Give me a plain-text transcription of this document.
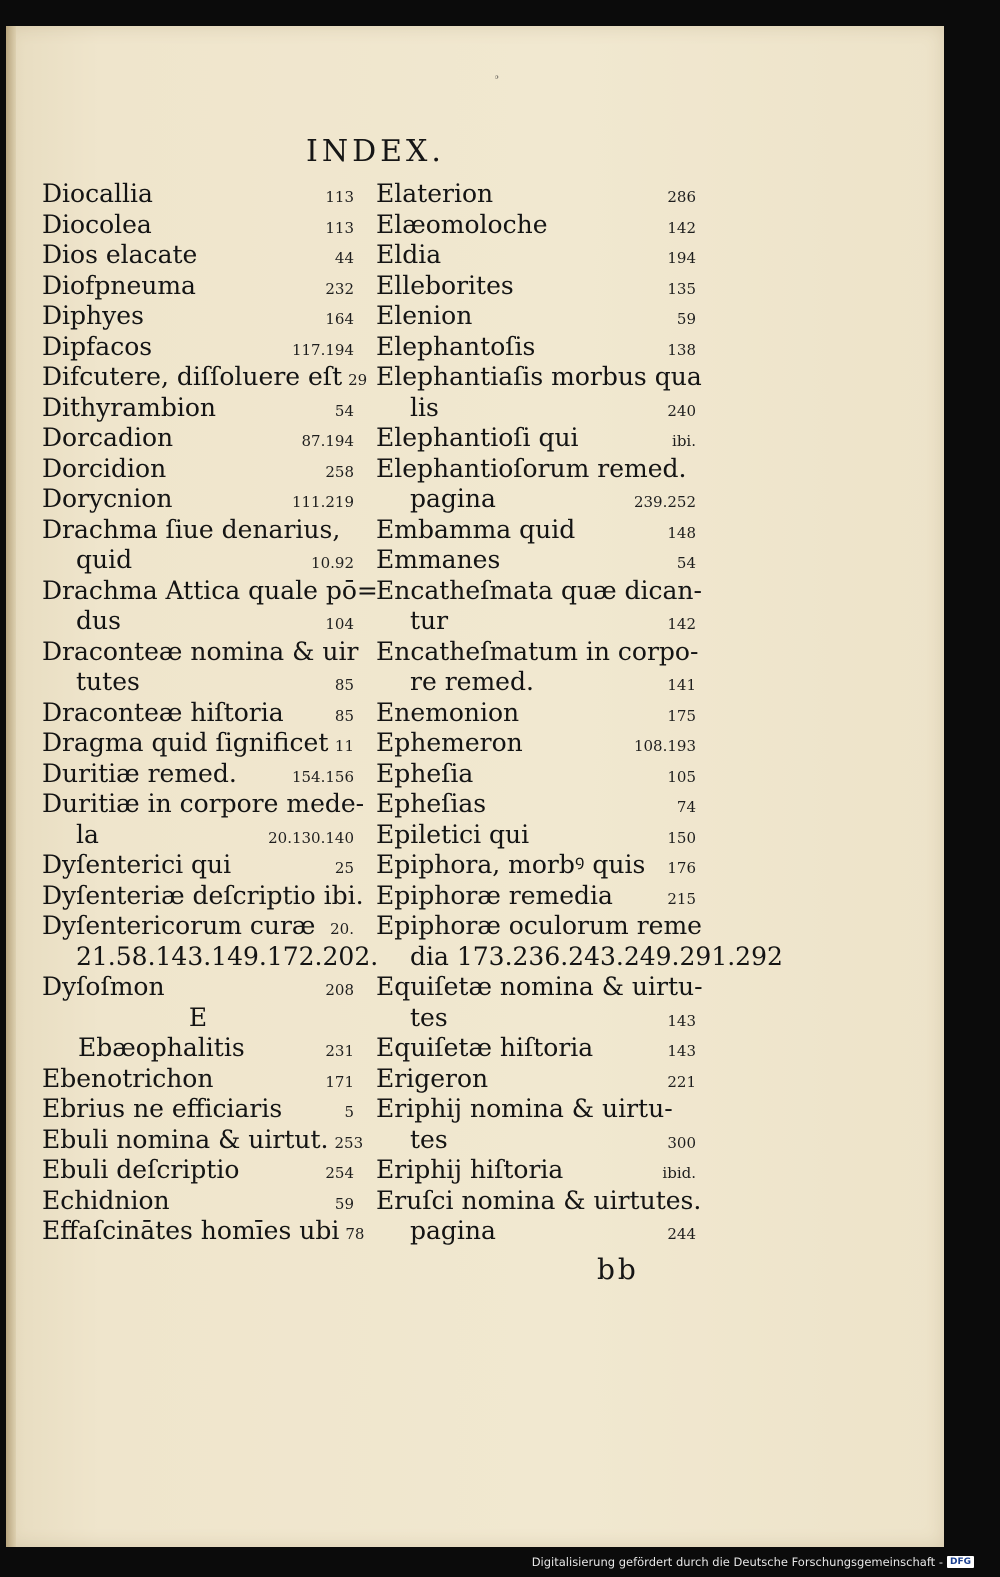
ᵓ
INDEX.
Diocallia	113
Diocolea	113
Dios elacate	44
Diofpneuma	232
Diphyes	164
Dipfacos	117.194
Difcutere, diſſoluere eſt 29
Dithyrambion	54
Dorcadion	87.194
Dorcidion	258
Dorycnion	111.219
Drachma ſiue denarius,
quid	10.92
Drachma Attica quale pō=
dus	104
Draconteæ nomina & uir
tutes	85
Draconteæ hiſtoria	85
Dragma quid ſignificet 11
Duritiæ remed.	154.156
Duritiæ in corpore mede-
la	20.130.140
Dyſenterici qui	25
Dyſenteriæ deſcriptio ibi.
Dyſentericorum curæ 20.
21.58.143.149.172.202.
Dyſoſmon	208
E
Ebæophalitis	231
Ebenotrichon	171
Ebrius ne efficiaris	5
Ebuli nomina & uirtut. 253
Ebuli deſcriptio	254
Echidnion	59
Effaſcinātes homīes ubi 78
Elaterion	286
Elæomoloche	142
Eldia	194
Elleborites	135
Elenion	59
Elephantoſis	138
Elephantiaſis morbus qua
lis	240
Elephantioſi qui	ibi.
Elephantioſorum remed.
pagina	239.252
Embamma quid	148
Emmanes	54
Encatheſmata quæ dican-
tur	142
Encatheſmatum in corpo-
re remed.	141
Enemonion	175
Ephemeron	108.193
Epheſia	105
Epheſias	74
Epiletici qui	150
Epiphora, morbꝰ quis	176
Epiphoræ remedia	215
Epiphoræ oculorum reme
dia 173.236.243.249.291.292
Equiſetæ nomina & uirtu-
tes	143
Equiſetæ hiſtoria	143
Erigeron	221
Eriphij nomina & uirtu-
tes	300
Eriphij hiſtoria	ibid.
Eruſci nomina & uirtutes.
pagina	244
bb
Digitalisierung gefördert durch die Deutsche Forschungsgemeinschaft - DFG
